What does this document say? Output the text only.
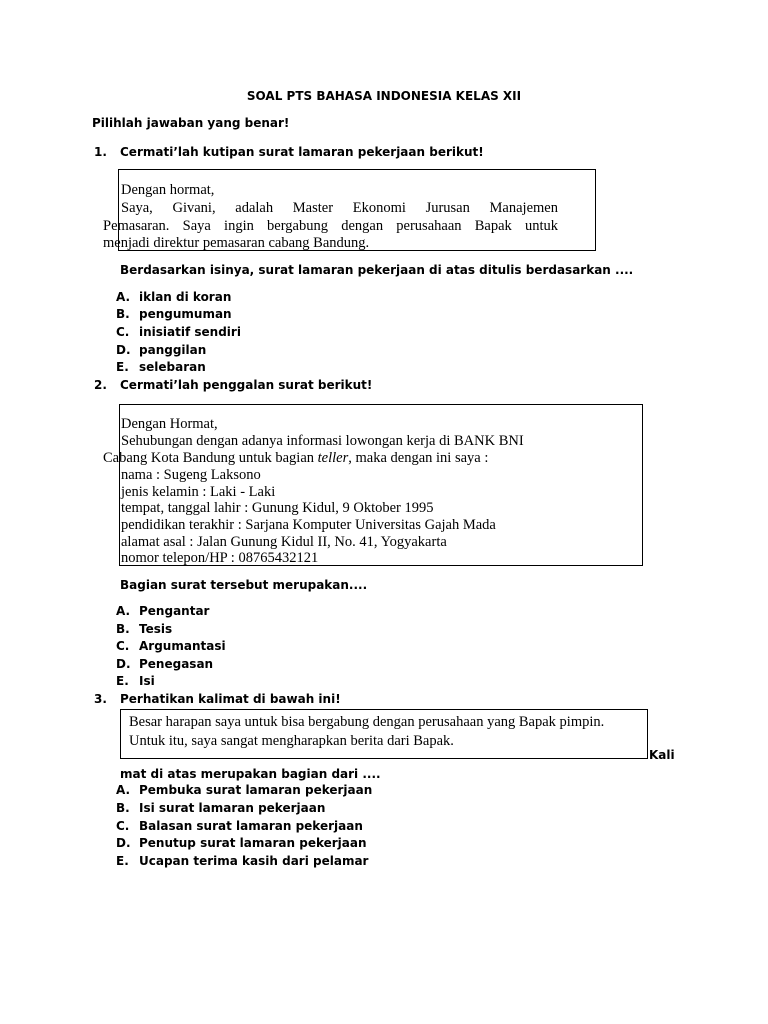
SOAL PTS BAHASA INDONESIA KELAS XII
Pilihlah jawaban yang benar!
1. Cermati’lah kutipan surat lamaran pekerjaan berikut!
Dengan hormat,
Saya, Givani, adalah Master Ekonomi Jurusan Manajemen
Pemasaran. Saya ingin bergabung dengan perusahaan Bapak untuk
menjadi direktur pemasaran cabang Bandung.
Berdasarkan isinya, surat lamaran pekerjaan di atas ditulis berdasarkan ....
A. iklan di koran
B. pengumuman
C. inisiatif sendiri
D. panggilan
E. selebaran
2. Cermati’lah penggalan surat berikut!
Dengan Hormat,
Sehubungan dengan adanya informasi lowongan kerja di BANK BNI
Cabang Kota Bandung untuk bagian teller, maka dengan ini saya :
nama : Sugeng Laksono
jenis kelamin : Laki - Laki
tempat, tanggal lahir : Gunung Kidul, 9 Oktober 1995
pendidikan terakhir : Sarjana Komputer Universitas Gajah Mada
alamat asal : Jalan Gunung Kidul II, No. 41, Yogyakarta
nomor telepon/HP : 08765432121
Bagian surat tersebut merupakan....
A. Pengantar
B. Tesis
C. Argumantasi
D. Penegasan
E. Isi
3. Perhatikan kalimat di bawah ini!
Besar harapan saya untuk bisa bergabung dengan perusahaan yang Bapak pimpin.
Untuk itu, saya sangat mengharapkan berita dari Bapak.
Kali
mat di atas merupakan bagian dari ....
A. Pembuka surat lamaran pekerjaan
B. Isi surat lamaran pekerjaan
C. Balasan surat lamaran pekerjaan
D. Penutup surat lamaran pekerjaan
E. Ucapan terima kasih dari pelamar
